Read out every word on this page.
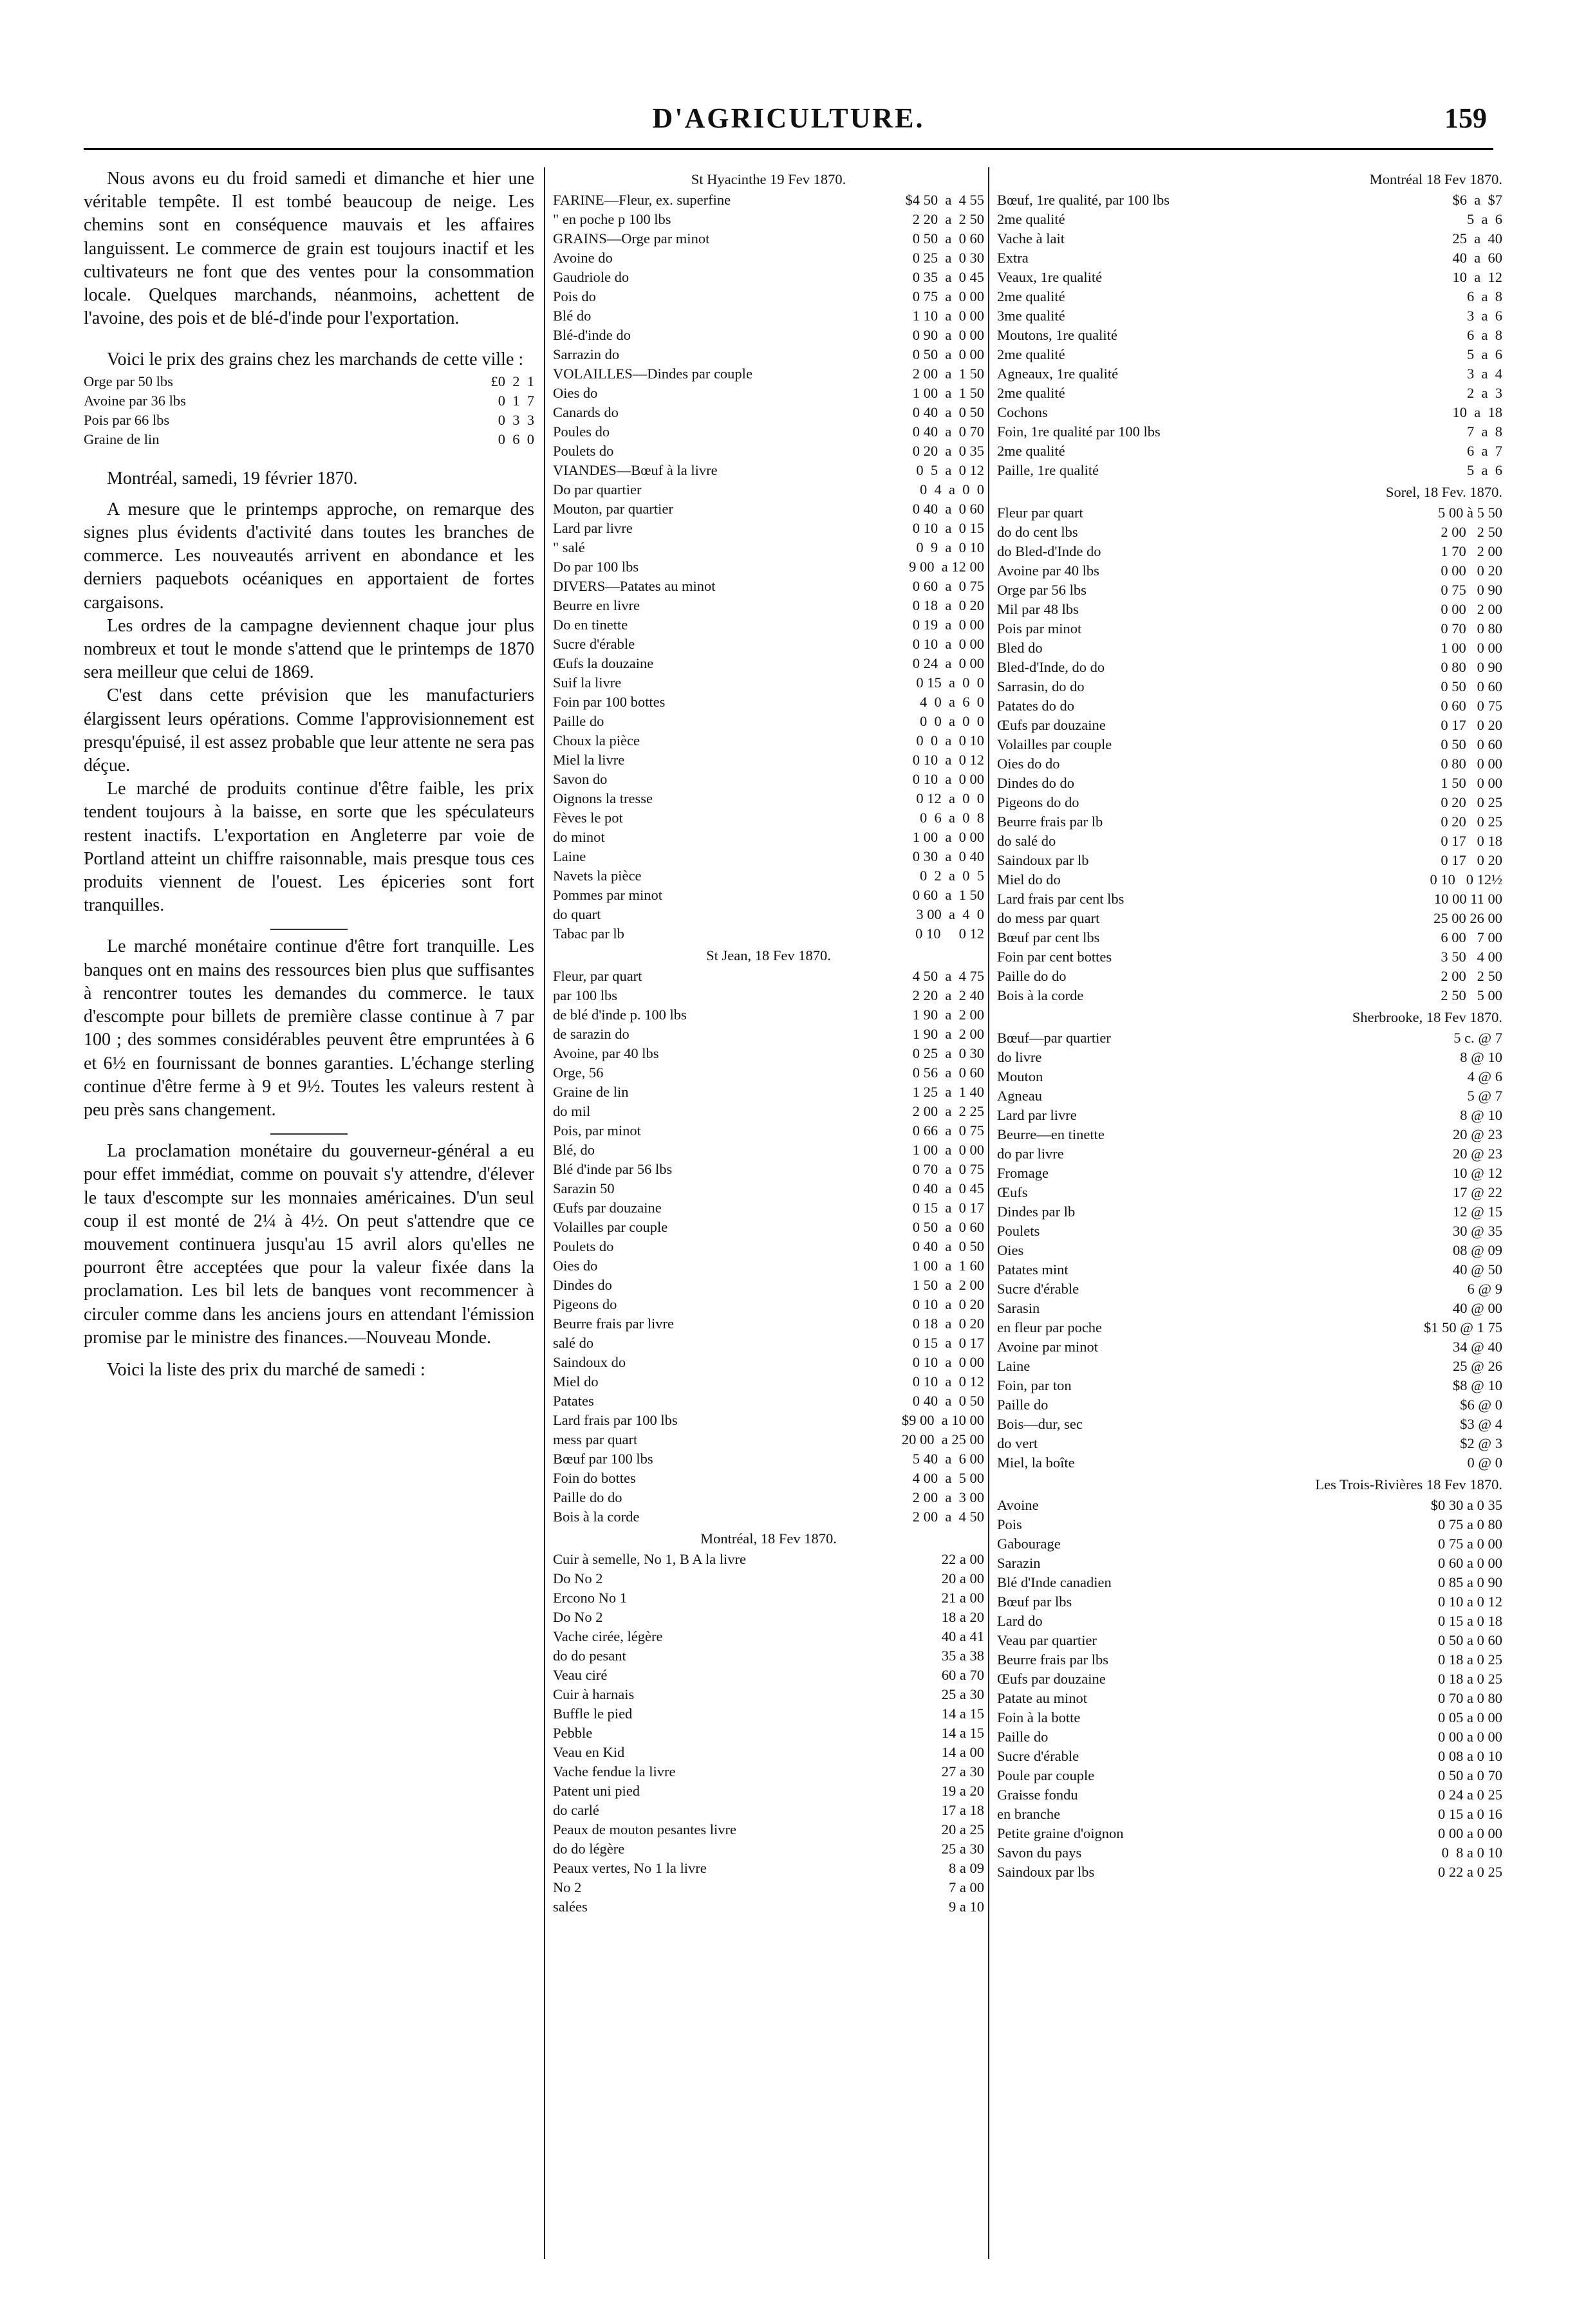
D'AGRICULTURE.	159

Nous avons eu du froid samedi et dimanche et hier une véritable tempête. Il est tombé beaucoup de neige. Les chemins sont en conséquence mauvais et les affaires languissent. Le commerce de grain est toujours inactif et les cultivateurs ne font que des ventes pour la consommation locale. Quelques marchands, néanmoins, achettent de l'avoine, des pois et de blé-d'inde pour l'exportation.

Voici le prix des grains chez les marchands de cette ville :

Orge par 50 lbs	£0  2  1
Avoine par 36 lbs	0  1  7
Pois par 66 lbs	0  3  3
Graine de lin	0  6  0

Montréal, samedi, 19 février 1870.

A mesure que le printemps approche, on remarque des signes plus évidents d'activité dans toutes les branches de commerce. Les nouveautés arrivent en abondance et les derniers paquebots océaniques en apportaient de fortes cargaisons.

Les ordres de la campagne deviennent chaque jour plus nombreux et tout le monde s'attend que le printemps de 1870 sera meilleur que celui de 1869.

C'est dans cette prévision que les manufacturiers élargissent leurs opérations. Comme l'approvisionnement est presqu'épuisé, il est assez probable que leur attente ne sera pas déçue.

Le marché de produits continue d'être faible, les prix tendent toujours à la baisse, en sorte que les spéculateurs restent inactifs. L'exportation en Angleterre par voie de Portland atteint un chiffre raisonnable, mais presque tous ces produits viennent de l'ouest. Les épiceries sont fort tranquilles.

Le marché monétaire continue d'être fort tranquille. Les banques ont en mains des ressources bien plus que suffisantes à rencontrer toutes les demandes du commerce. le taux d'escompte pour billets de première classe continue à 7 par 100 ; des sommes considérables peuvent être empruntées à 6 et 6½ en fournissant de bonnes garanties. L'échange sterling continue d'être ferme à 9 et 9½. Toutes les valeurs restent à peu près sans changement.

La proclamation monétaire du gouverneur-général a eu pour effet immédiat, comme on pouvait s'y attendre, d'élever le taux d'escompte sur les monnaies américaines. D'un seul coup il est monté de 2¼ à 4½. On peut s'attendre que ce mouvement continuera jusqu'au 15 avril alors qu'elles ne pourront être acceptées que pour la valeur fixée dans la proclamation. Les bil lets de banques vont recommencer à circuler comme dans les anciens jours en attendant l'émission promise par le ministre des finances.—Nouveau Monde.

Voici la liste des prix du marché de samedi :

St Hyacinthe 19 Fev 1870.
FARINE—Fleur, ex. superfine	$4 50  a  4 55
" en poche p 100 lbs	2 20  a  2 50
GRAINS—Orge par minot	0 50  a  0 60
Avoine do	0 25  a  0 30
Gaudriole do	0 35  a  0 45
Pois do	0 75  a  0 00
Blé do	1 10  a  0 00
Blé-d'inde do	0 90  a  0 00
Sarrazin do	0 50  a  0 00
VOLAILLES—Dindes par couple	2 00  a  1 50
Oies do	1 00  a  1 50
Canards do	0 40  a  0 50
Poules do	0 40  a  0 70
Poulets do	0 20  a  0 35
VIANDES—Bœuf à la livre	0  5  a  0 12
Do par quartier	0  4  a  0  0
Mouton, par quartier	0 40  a  0 60
Lard par livre	0 10  a  0 15
" salé	0  9  a  0 10
Do par 100 lbs	9 00  a 12 00
DIVERS—Patates au minot	0 60  a  0 75
Beurre en livre	0 18  a  0 20
Do en tinette	0 19  a  0 00
Sucre d'érable	0 10  a  0 00
Œufs la douzaine	0 24  a  0 00
Suif la livre	0 15  a  0  0
Foin par 100 bottes	4  0  a  6  0
Paille do	0  0  a  0  0
Choux la pièce	0  0  a  0 10
Miel la livre	0 10  a  0 12
Savon do	0 10  a  0 00
Oignons la tresse	0 12  a  0  0
Fèves le pot	0  6  a  0  8
do minot	1 00  a  0 00
Laine	0 30  a  0 40
Navets la pièce	0  2  a  0  5
Pommes par minot	0 60  a  1 50
do quart	3 00  a  4  0
Tabac par lb	0 10     0 12
St Jean, 18 Fev 1870.
Fleur, par quart	4 50  a  4 75
par 100 lbs	2 20  a  2 40
de blé d'inde p. 100 lbs	1 90  a  2 00
de sarazin do	1 90  a  2 00
Avoine, par 40 lbs	0 25  a  0 30
Orge, 56	0 56  a  0 60
Graine de lin	1 25  a  1 40
do mil	2 00  a  2 25
Pois, par minot	0 66  a  0 75
Blé, do	1 00  a  0 00
Blé d'inde par 56 lbs	0 70  a  0 75
Sarazin 50	0 40  a  0 45
Œufs par douzaine	0 15  a  0 17
Volailles par couple	0 50  a  0 60
Poulets do	0 40  a  0 50
Oies do	1 00  a  1 60
Dindes do	1 50  a  2 00
Pigeons do	0 10  a  0 20
Beurre frais par livre	0 18  a  0 20
salé do	0 15  a  0 17
Saindoux do	0 10  a  0 00
Miel do	0 10  a  0 12
Patates	0 40  a  0 50
Lard frais par 100 lbs	$9 00  a 10 00
mess par quart	20 00  a 25 00
Bœuf par 100 lbs	5 40  a  6 00
Foin do bottes	4 00  a  5 00
Paille do do	2 00  a  3 00
Bois à la corde	2 00  a  4 50
Montréal, 18 Fev 1870.
Cuir à semelle, No 1, B A la livre	22 a 00
Do No 2	20 a 00
Ercono No 1	21 a 00
Do No 2	18 a 20
Vache cirée, légère	40 a 41
do do pesant	35 a 38
Veau ciré	60 a 70
Cuir à harnais	25 a 30
Buffle le pied	14 a 15
Pebble	14 a 15
Veau en Kid	14 a 00
Vache fendue la livre	27 a 30
Patent uni pied	19 a 20
do carlé	17 a 18
Peaux de mouton pesantes livre	20 a 25
do do légère	25 a 30
Peaux vertes, No 1 la livre	8 a 09
No 2	7 a 00
salées	9 a 10
Montréal 18 Fev 1870.
Bœuf, 1re qualité, par 100 lbs	$6  a  $7
2me qualité	5  a  6
Vache à lait	25  a  40
Extra	40  a  60
Veaux, 1re qualité	10  a  12
2me qualité	6  a  8
3me qualité	3  a  6
Moutons, 1re qualité	6  a  8
2me qualité	5  a  6
Agneaux, 1re qualité	3  a  4
2me qualité	2  a  3
Cochons	10  a  18
Foin, 1re qualité par 100 lbs	7  a  8
2me qualité	6  a  7
Paille, 1re qualité	5  a  6
Sorel, 18 Fev. 1870.
Fleur par quart	5 00 à 5 50
do do cent lbs	2 00   2 50
do Bled-d'Inde do	1 70   2 00
Avoine par 40 lbs	0 00   0 20
Orge par 56 lbs	0 75   0 90
Mil par 48 lbs	0 00   2 00
Pois par minot	0 70   0 80
Bled do	1 00   0 00
Bled-d'Inde, do do	0 80   0 90
Sarrasin, do do	0 50   0 60
Patates do do	0 60   0 75
Œufs par douzaine	0 17   0 20
Volailles par couple	0 50   0 60
Oies do do	0 80   0 00
Dindes do do	1 50   0 00
Pigeons do do	0 20   0 25
Beurre frais par lb	0 20   0 25
do salé do	0 17   0 18
Saindoux par lb	0 17   0 20
Miel do do	0 10   0 12½
Lard frais par cent lbs	10 00 11 00
do mess par quart	25 00 26 00
Bœuf par cent lbs	6 00   7 00
Foin par cent bottes	3 50   4 00
Paille do do	2 00   2 50
Bois à la corde	2 50   5 00
Sherbrooke, 18 Fev 1870.
Bœuf—par quartier	5 c. @ 7
do livre	8 @ 10
Mouton	4 @ 6
Agneau	5 @ 7
Lard par livre	8 @ 10
Beurre—en tinette	20 @ 23
do par livre	20 @ 23
Fromage	10 @ 12
Œufs	17 @ 22
Dindes par lb	12 @ 15
Poulets	30 @ 35
Oies	08 @ 09
Patates mint	40 @ 50
Sucre d'érable	6 @ 9
Sarasin	40 @ 00
en fleur par poche	$1 50 @ 1 75
Avoine par minot	34 @ 40
Laine	25 @ 26
Foin, par ton	$8 @ 10
Paille do	$6 @ 0
Bois—dur, sec	$3 @ 4
do vert	$2 @ 3
Miel, la boîte	0 @ 0
Les Trois-Rivières 18 Fev 1870.
Avoine	$0 30 a 0 35
Pois	0 75 a 0 80
Gabourage	0 75 a 0 00
Sarazin	0 60 a 0 00
Blé d'Inde canadien	0 85 a 0 90
Bœuf par lbs	0 10 a 0 12
Lard do	0 15 a 0 18
Veau par quartier	0 50 a 0 60
Beurre frais par lbs	0 18 a 0 25
Œufs par douzaine	0 18 a 0 25
Patate au minot	0 70 a 0 80
Foin à la botte	0 05 a 0 00
Paille do	0 00 a 0 00
Sucre d'érable	0 08 a 0 10
Poule par couple	0 50 a 0 70
Graisse fondu	0 24 a 0 25
en branche	0 15 a 0 16
Petite graine d'oignon	0 00 a 0 00
Savon du pays	0  8 a 0 10
Saindoux par lbs	0 22 a 0 25
